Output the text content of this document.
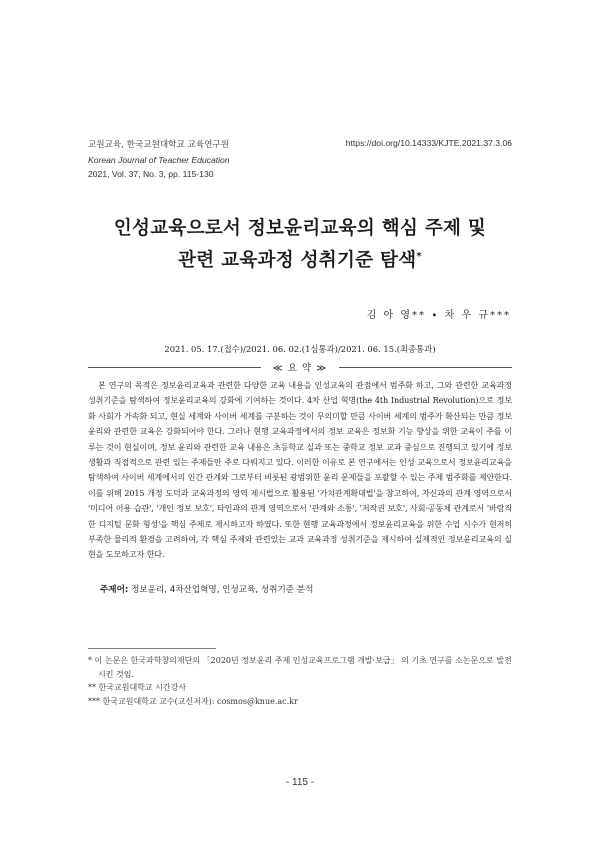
교원교육, 한국교원대학교 교육연구원
Korean Journal of Teacher Education
2021, Vol. 37, No. 3, pp. 115-130
https://doi.org/10.14333/KJTE.2021.37.3.06
인성교육으로서 정보윤리교육의 핵심 주제 및
관련 교육과정 성취기준 탐색*
김 아 영** ∙ 차 우 규***
2021. 05. 17.(접수)/2021. 06. 02.(1심통과)/2021. 06. 15.(최종통과)
≪ 요 약 ≫
본 연구의 목적은 정보윤리교육과 관련한 다양한 교육 내용을 인성교육의 관점에서 범주화 하고, 그와 관련한 교육과정 성취기준을 탐색하여 정보윤리교육의 강화에 기여하는 것이다. 4차 산업 혁명(the 4th Industrial Revolution)으로 정보화 사회가 가속화 되고, 현실 세계와 사이버 세계를 구분하는 것이 무의미할 만큼 사이버 세계의 범주가 확산되는 만큼 정보윤리와 관련한 교육은 강화되어야 한다. 그러나 현행 교육과정에서의 정보 교육은 정보화 기능 향상을 위한 교육이 주를 이루는 것이 현실이며, 정보 윤리와 관련한 교육 내용은 초등학교 실과 또는 중학교 정보 교과 중심으로 진행되고 있기에 정보 생활과 직접적으로 관련 있는 주제들만 주로 다뤄지고 있다. 이러한 이유로 본 연구에서는 인성 교육으로서 정보윤리교육을 탐색하여 사이버 세계에서의 인간 관계와 그로부터 비롯된 광범위한 윤리 문제들을 포괄할 수 있는 주제 범주화를 제안한다. 이를 위해 2015 개정 도덕과 교육과정의 영역 제시법으로 활용된 '가치관계확대법'을 참고하여, 자신과의 관계 영역으로서 '미디어 이용 습관', '개인 정보 보호', 타인과의 관계 영역으로서 '관계와 소통', '저작권 보호', 사회·공동체 관계로서 '바람직한 디지털 문화 형성'을 핵심 주제로 제시하고자 하였다. 또한 현행 교육과정에서 정보윤리교육을 위한 수업 시수가 현저히 부족한 물리적 환경을 고려하여, 각 핵심 주제와 관련있는 교과 교육과정 성취기준을 제시하여 실제적인 정보윤리교육의 실현을 도모하고자 한다.
주제어: 정보윤리, 4차산업혁명, 인성교육, 성취기준 분석
* 이 논문은 한국과학창의재단의 「2020년 정보윤리 주제 인성교육프로그램 개발·보급」 의 기초 연구를 소논문으로 발전시킨 것임.
** 한국교원대학교 시간강사
*** 한국교원대학교 교수(교신저자): cosmos@knue.ac.kr
- 115 -
